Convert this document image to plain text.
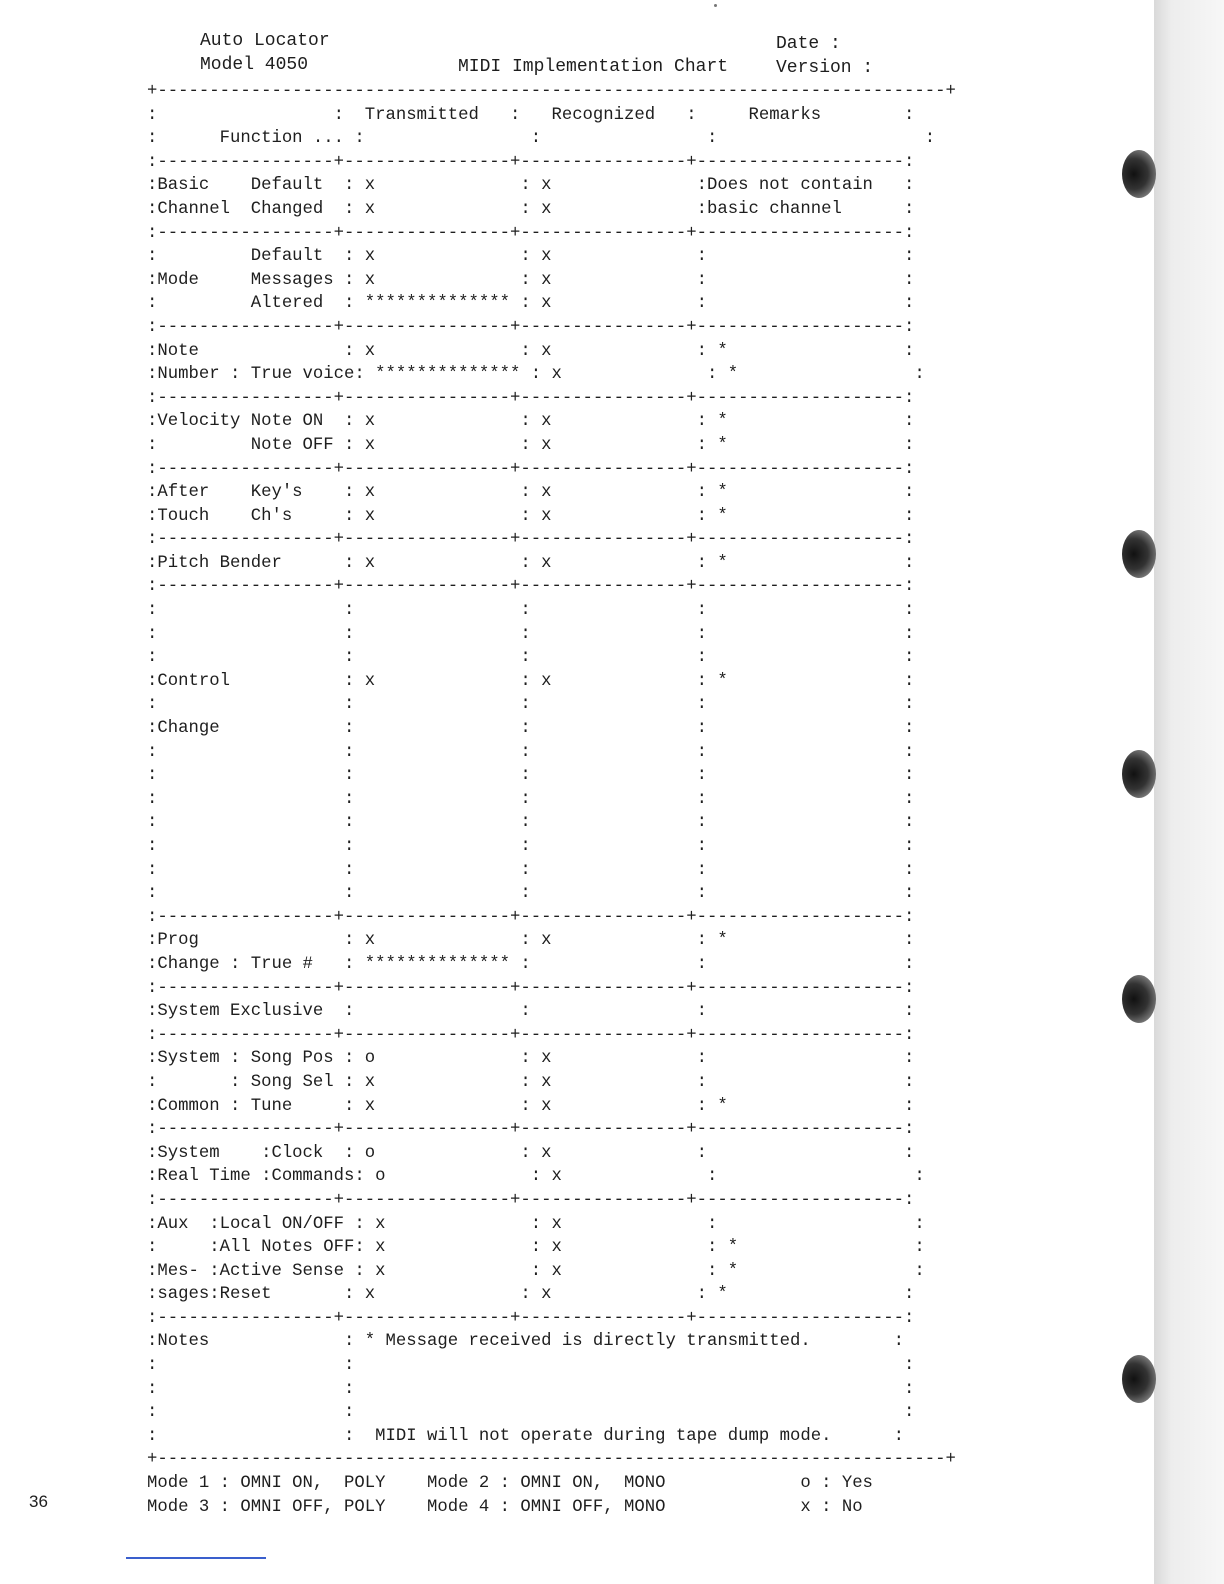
Auto Locator
Model 4050	MIDI Implementation Chart
Date :
Version :
+----------------------------------------------------------------------------+
:                 :  Transmitted   :   Recognized   :     Remarks        :
:      Function ... :                :                :                    :
:-----------------+----------------+----------------+--------------------:
:Basic    Default  : x              : x              :Does not contain   :
:Channel  Changed  : x              : x              :basic channel      :
:-----------------+----------------+----------------+--------------------:
:         Default  : x              : x              :                   :
:Mode     Messages : x              : x              :                   :
:         Altered  : ************** : x              :                   :
:-----------------+----------------+----------------+--------------------:
:Note              : x              : x              : *                 :
:Number : True voice: ************** : x              : *                 :
:-----------------+----------------+----------------+--------------------:
:Velocity Note ON  : x              : x              : *                 :
:         Note OFF : x              : x              : *                 :
:-----------------+----------------+----------------+--------------------:
:After    Key's    : x              : x              : *                 :
:Touch    Ch's     : x              : x              : *                 :
:-----------------+----------------+----------------+--------------------:
:Pitch Bender      : x              : x              : *                 :
:-----------------+----------------+----------------+--------------------:
:                  :                :                :                   :
:                  :                :                :                   :
:                  :                :                :                   :
:Control           : x              : x              : *                 :
:                  :                :                :                   :
:Change            :                :                :                   :
:                  :                :                :                   :
:                  :                :                :                   :
:                  :                :                :                   :
:                  :                :                :                   :
:                  :                :                :                   :
:                  :                :                :                   :
:                  :                :                :                   :
:-----------------+----------------+----------------+--------------------:
:Prog              : x              : x              : *                 :
:Change : True #   : ************** :                :                   :
:-----------------+----------------+----------------+--------------------:
:System Exclusive  :                :                :                   :
:-----------------+----------------+----------------+--------------------:
:System : Song Pos : o              : x              :                   :
:       : Song Sel : x              : x              :                   :
:Common : Tune     : x              : x              : *                 :
:-----------------+----------------+----------------+--------------------:
:System    :Clock  : o              : x              :                   :
:Real Time :Commands: o              : x              :                   :
:-----------------+----------------+----------------+--------------------:
:Aux  :Local ON/OFF : x              : x              :                   :
:     :All Notes OFF: x              : x              : *                 :
:Mes- :Active Sense : x              : x              : *                 :
:sages:Reset       : x              : x              : *                 :
:-----------------+----------------+----------------+--------------------:
:Notes             : * Message received is directly transmitted.        :
:                  :                                                     :
:                  :                                                     :
:                  :                                                     :
:                  :  MIDI will not operate during tape dump mode.      :
+----------------------------------------------------------------------------+
Mode 1 : OMNI ON,  POLY    Mode 2 : OMNI ON,  MONO             o : Yes
Mode 3 : OMNI OFF, POLY    Mode 4 : OMNI OFF, MONO             x : No
36
